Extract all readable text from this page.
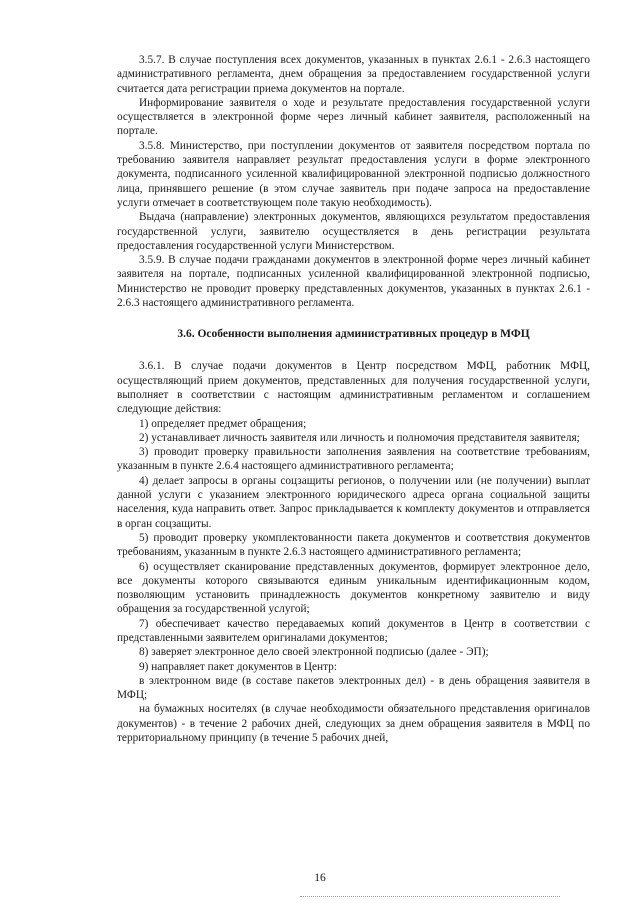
3.5.7. В случае поступления всех документов, указанных в пунктах 2.6.1 - 2.6.3 настоящего административного регламента, днем обращения за предоставлением государственной услуги считается дата регистрации приема документов на портале.

Информирование заявителя о ходе и результате предоставления государственной услуги осуществляется в электронной форме через личный кабинет заявителя, расположенный на портале.

3.5.8. Министерство, при поступлении документов от заявителя посредством портала по требованию заявителя направляет результат предоставления услуги в форме электронного документа, подписанного усиленной квалифицированной электронной подписью должностного лица, принявшего решение (в этом случае заявитель при подаче запроса на предоставление услуги отмечает в соответствующем поле такую необходимость).

Выдача (направление) электронных документов, являющихся результатом предоставления государственной услуги, заявителю осуществляется в день регистрации результата предоставления государственной услуги Министерством.

3.5.9. В случае подачи гражданами документов в электронной форме через личный кабинет заявителя на портале, подписанных усиленной квалифицированной электронной подписью, Министерство не проводит проверку представленных документов, указанных в пунктах 2.6.1 - 2.6.3 настоящего административного регламента.

3.6. Особенности выполнения административных процедур в МФЦ

3.6.1. В случае подачи документов в Центр посредством МФЦ, работник МФЦ, осуществляющий прием документов, представленных для получения государственной услуги, выполняет в соответствии с настоящим административным регламентом и соглашением следующие действия:

1) определяет предмет обращения;

2) устанавливает личность заявителя или личность и полномочия представителя заявителя;

3) проводит проверку правильности заполнения заявления на соответствие требованиям, указанным в пункте 2.6.4 настоящего административного регламента;

4) делает запросы в органы соцзащиты регионов, о получении или (не получении) выплат данной услуги с указанием электронного юридического адреса органа социальной защиты населения, куда направить ответ. Запрос прикладывается к комплекту документов и отправляется в орган соцзащиты.

5) проводит проверку укомплектованности пакета документов и соответствия документов требованиям, указанным в пункте 2.6.3 настоящего административного регламента;

6) осуществляет сканирование представленных документов, формирует электронное дело, все документы которого связываются единым уникальным идентификационным кодом, позволяющим установить принадлежность документов конкретному заявителю и виду обращения за государственной услугой;

7) обеспечивает качество передаваемых копий документов в Центр в соответствии с представленными заявителем оригиналами документов;

8) заверяет электронное дело своей электронной подписью (далее - ЭП);

9) направляет пакет документов в Центр:

в электронном виде (в составе пакетов электронных дел) - в день обращения заявителя в МФЦ;

на бумажных носителях (в случае необходимости обязательного представления оригиналов документов) - в течение 2 рабочих дней, следующих за днем обращения заявителя в МФЦ по территориальному принципу (в течение 5 рабочих дней,

16
